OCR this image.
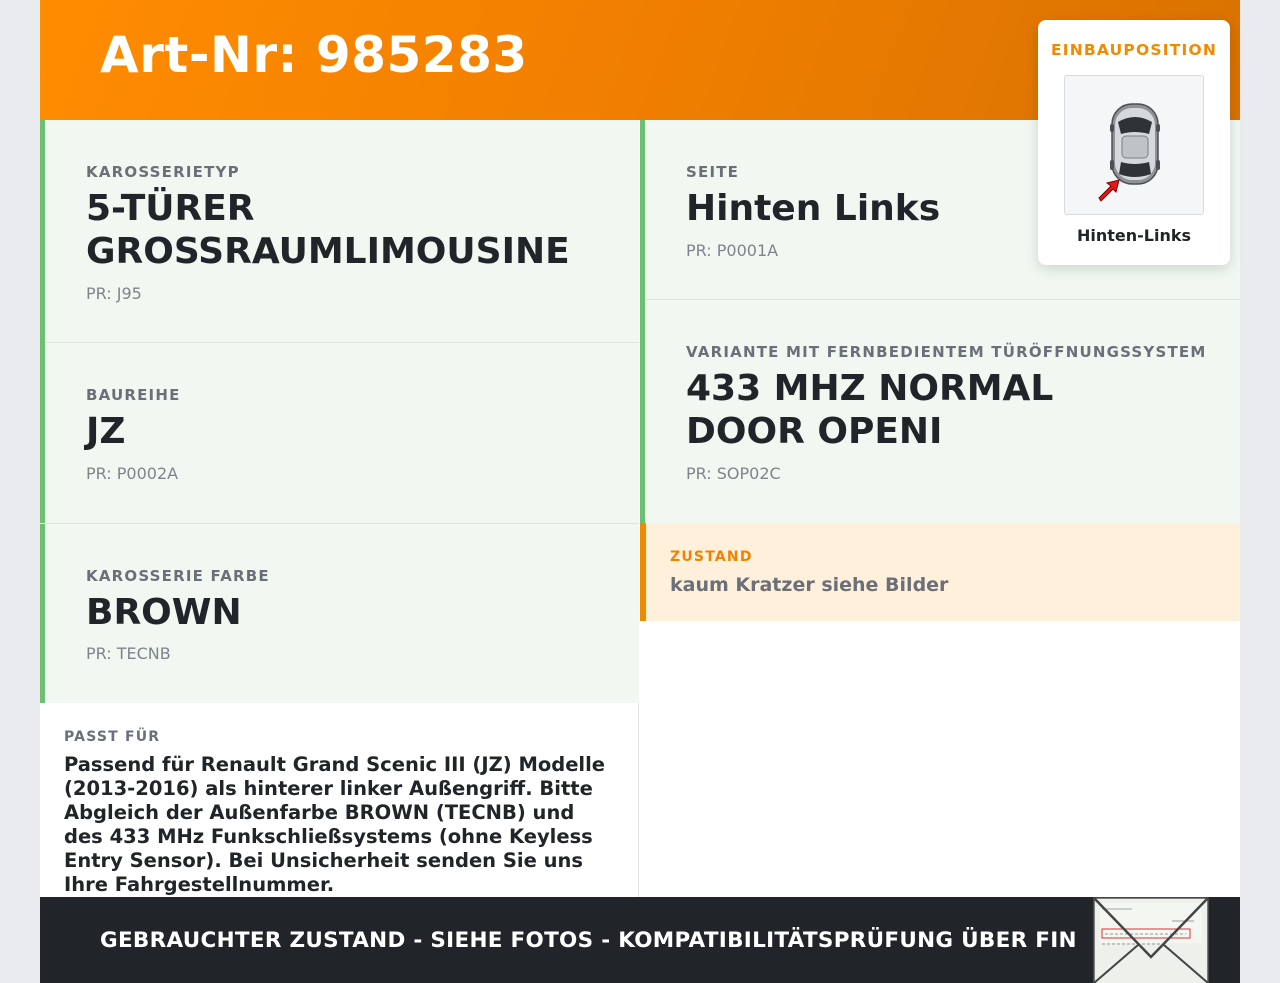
Art-Nr: 985283
KAROSSERIETYP
5-TÜRER GROSSRAUMLIMOUSINE
PR: J95
BAUREIHE
JZ
PR: P0002A
KAROSSERIE FARBE
BROWN
PR: TECNB
SEITE
Hinten Links
PR: P0001A
VARIANTE MIT FERNBEDIENTEM TÜRÖFFNUNGSSYSTEM
433 MHZ NORMAL DOOR OPENI
PR: SOP02C
ZUSTAND
kaum Kratzer siehe Bilder
PASST FÜR
Passend für Renault Grand Scenic III (JZ) Modelle (2013-2016) als hinterer linker Außengriff. Bitte Abgleich der Außenfarbe BROWN (TECNB) und des 433 MHz Funkschließsystems (ohne Keyless Entry Sensor). Bei Unsicherheit senden Sie uns Ihre Fahrgestellnummer.
GEBRAUCHTER ZUSTAND - SIEHE FOTOS - KOMPATIBILITÄTSPRÜFUNG ÜBER FIN
EINBAUPOSITION
Hinten-Links
